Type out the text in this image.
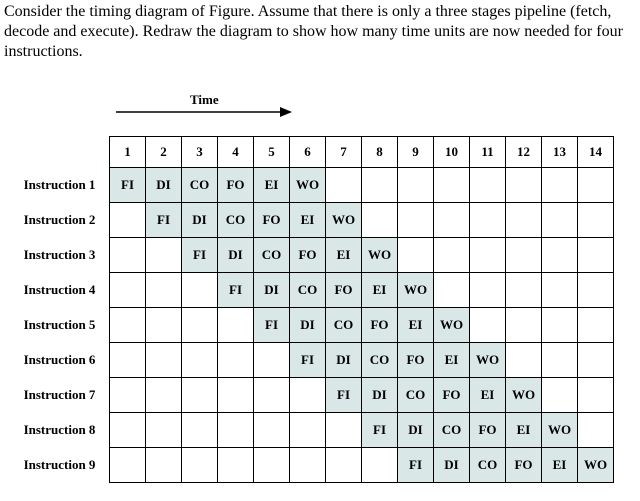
Consider the timing diagram of Figure. Assume that there is only a three stages pipeline (fetch, decode and execute). Redraw the diagram to show how many time units are now needed for four instructions.
Time
	1	2	3	4	5	6	7	8	9	10	11	12	13	14
Instruction 1	FI	DI	CO	FO	EI	WO								
Instruction 2		FI	DI	CO	FO	EI	WO							
Instruction 3			FI	DI	CO	FO	EI	WO						
Instruction 4				FI	DI	CO	FO	EI	WO					
Instruction 5					FI	DI	CO	FO	EI	WO				
Instruction 6						FI	DI	CO	FO	EI	WO			
Instruction 7							FI	DI	CO	FO	EI	WO		
Instruction 8								FI	DI	CO	FO	EI	WO	
Instruction 9									FI	DI	CO	FO	EI	WO
